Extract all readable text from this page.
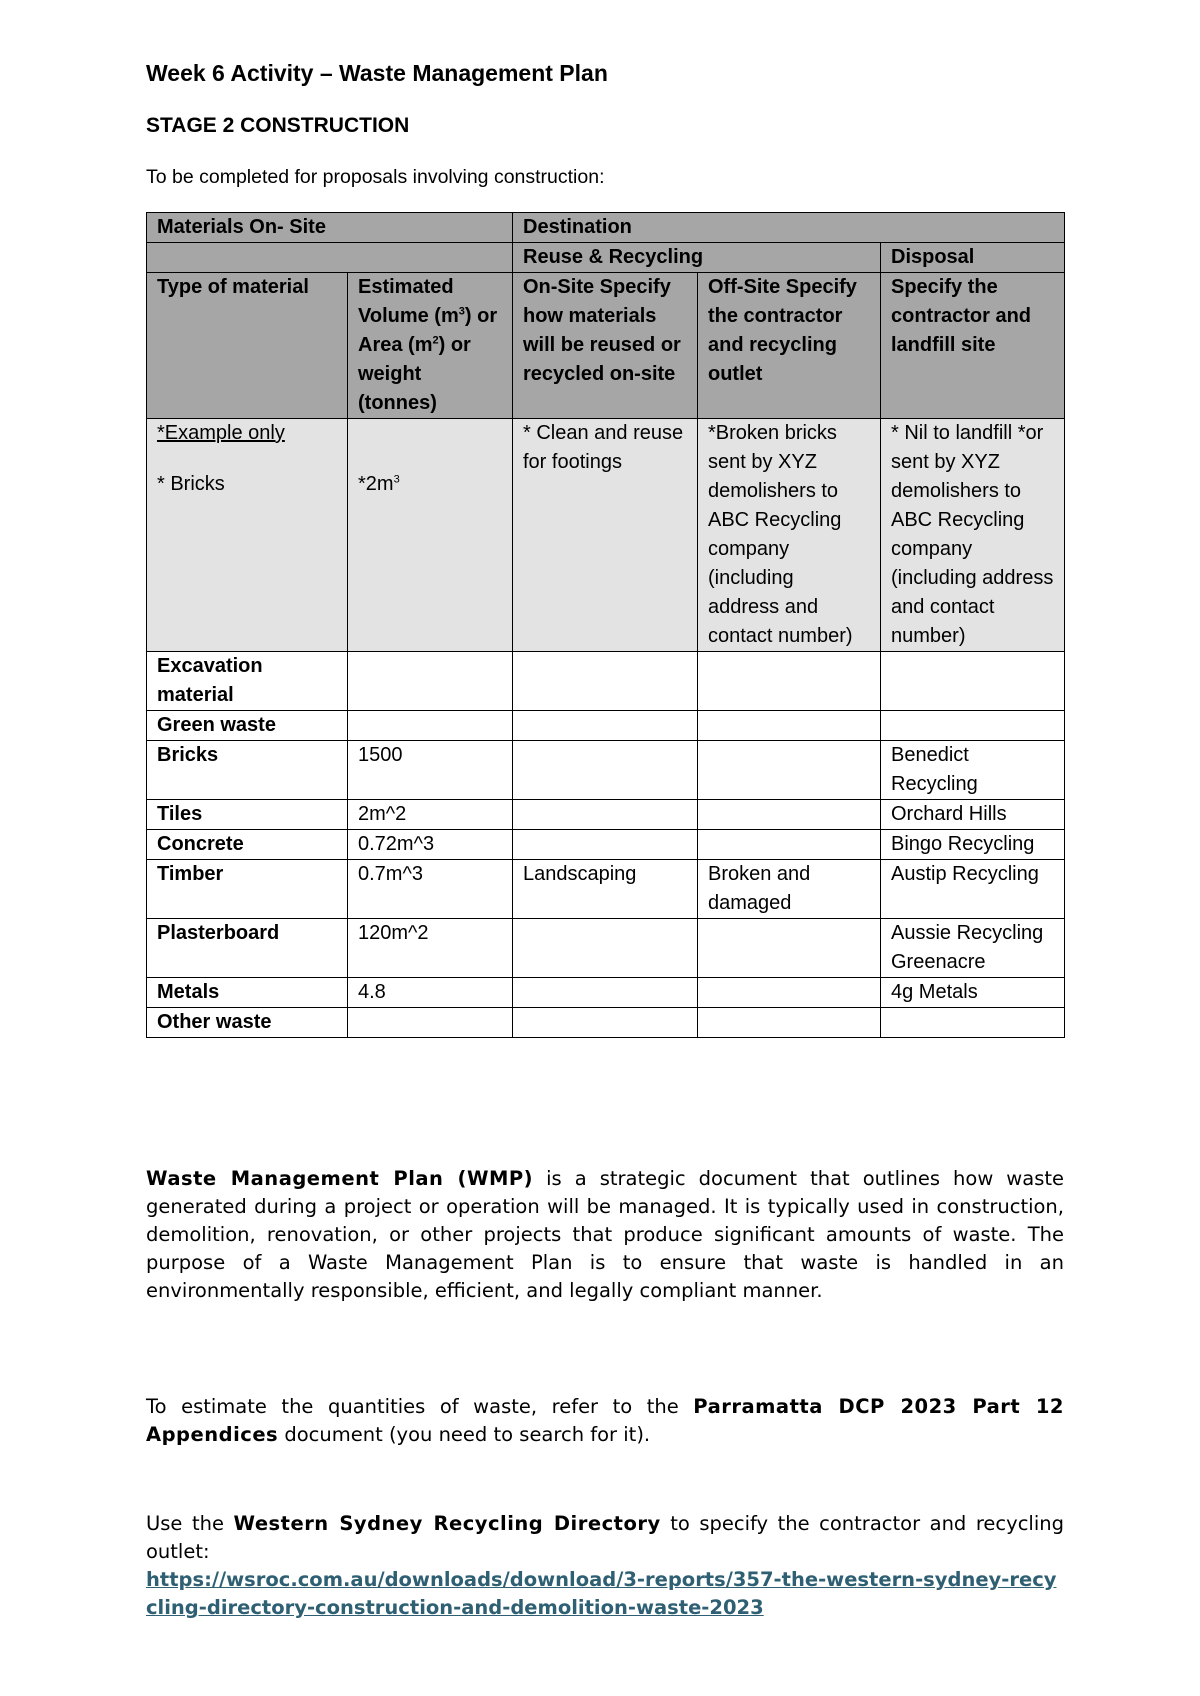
Week 6 Activity – Waste Management Plan
STAGE 2 CONSTRUCTION
To be completed for proposals involving construction:
Materials On- Site		Destination		
		Reuse & Recycling		Disposal
Type of material	Estimated Volume $(m^3)$ or Area $(m^2)$ or weight (tonnes)	On-Site Specify how materials will be reused or recycled on-site	Off-Site Specify the contractor and recycling outlet	Specify the contractor and landfill site

*Example only
* Bricks	$*2m^3$	* Clean and reuse for footings	*Broken bricks sent by XYZ demolishers to ABC Recycling company (including address and contact number)	* Nil to landfill *or sent by XYZ demolishers to ABC Recycling company (including address and contact number)
Excavation material				
Green waste				
Bricks	1500			Benedict Recycling
Tiles	2m^2			Orchard Hills
Concrete	0.72m^3			Bingo Recycling
Timber	0.7m^3	Landscaping	Broken and damaged	Austip Recycling
Plasterboard	120m^2			Aussie Recycling Greenacre
Metals	4.8			4g Metals
Other waste				
Waste Management Plan (WMP) is a strategic document that outlines how waste generated during a project or operation will be managed. It is typically used in construction, demolition, renovation, or other projects that produce significant amounts of waste. The purpose of a Waste Management Plan is to ensure that waste is handled in an environmentally responsible, efficient, and legally compliant manner.
To estimate the quantities of waste, refer to the Parramatta DCP 2023 Part 12 Appendices document (you need to search for it).
Use the Western Sydney Recycling Directory to specify the contractor and recycling outlet:
https://wsroc.com.au/downloads/download/3-reports/357-the-western-sydney-recycling-directory-construction-and-demolition-waste-2023
